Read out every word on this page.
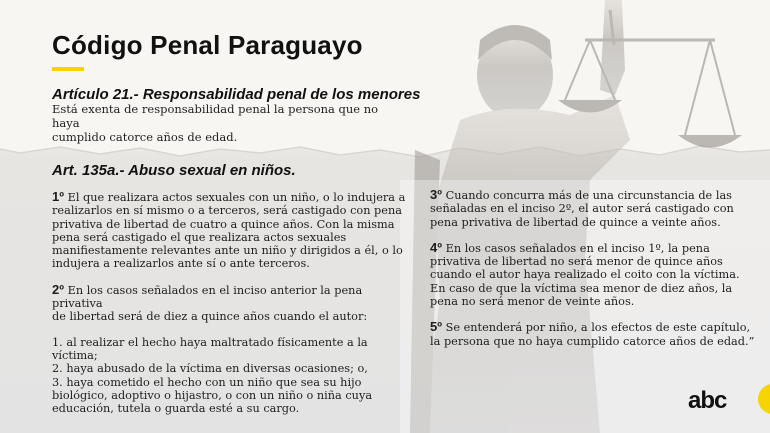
Código Penal Paraguayo
Artículo 21.- Responsabilidad penal de los menores
Está exenta de responsabilidad penal la persona que no haya
cumplido catorce años de edad.
Art. 135a.- Abuso sexual en niños.
1º El que realizara actos sexuales con un niño, o lo indujera a
realizarlos en sí mismo o a terceros, será castigado con pena
privativa de libertad de cuatro a quince años. Con la misma
pena será castigado el que realizara actos sexuales
manifiestamente relevantes ante un niño y dirigidos a él, o lo
indujera a realizarlos ante sí o ante terceros.
2º En los casos señalados en el inciso anterior la pena privativa
de libertad será de diez a quince años cuando el autor:
1. al realizar el hecho haya maltratado físicamente a la víctima;
2. haya abusado de la víctima en diversas ocasiones; o,
3. haya cometido el hecho con un niño que sea su hijo
biológico, adoptivo o hijastro, o con un niño o niña cuya
educación, tutela o guarda esté a su cargo.
3º Cuando concurra más de una circunstancia de las
señaladas en el inciso 2º, el autor será castigado con
pena privativa de libertad de quince a veinte años.
4º En los casos señalados en el inciso 1º, la pena
privativa de libertad no será menor de quince años
cuando el autor haya realizado el coito con la víctima.
En caso de que la víctima sea menor de diez años, la
pena no será menor de veinte años.
5º Se entenderá por niño, a los efectos de este capítulo,
la persona que no haya cumplido catorce años de edad.”
abc
